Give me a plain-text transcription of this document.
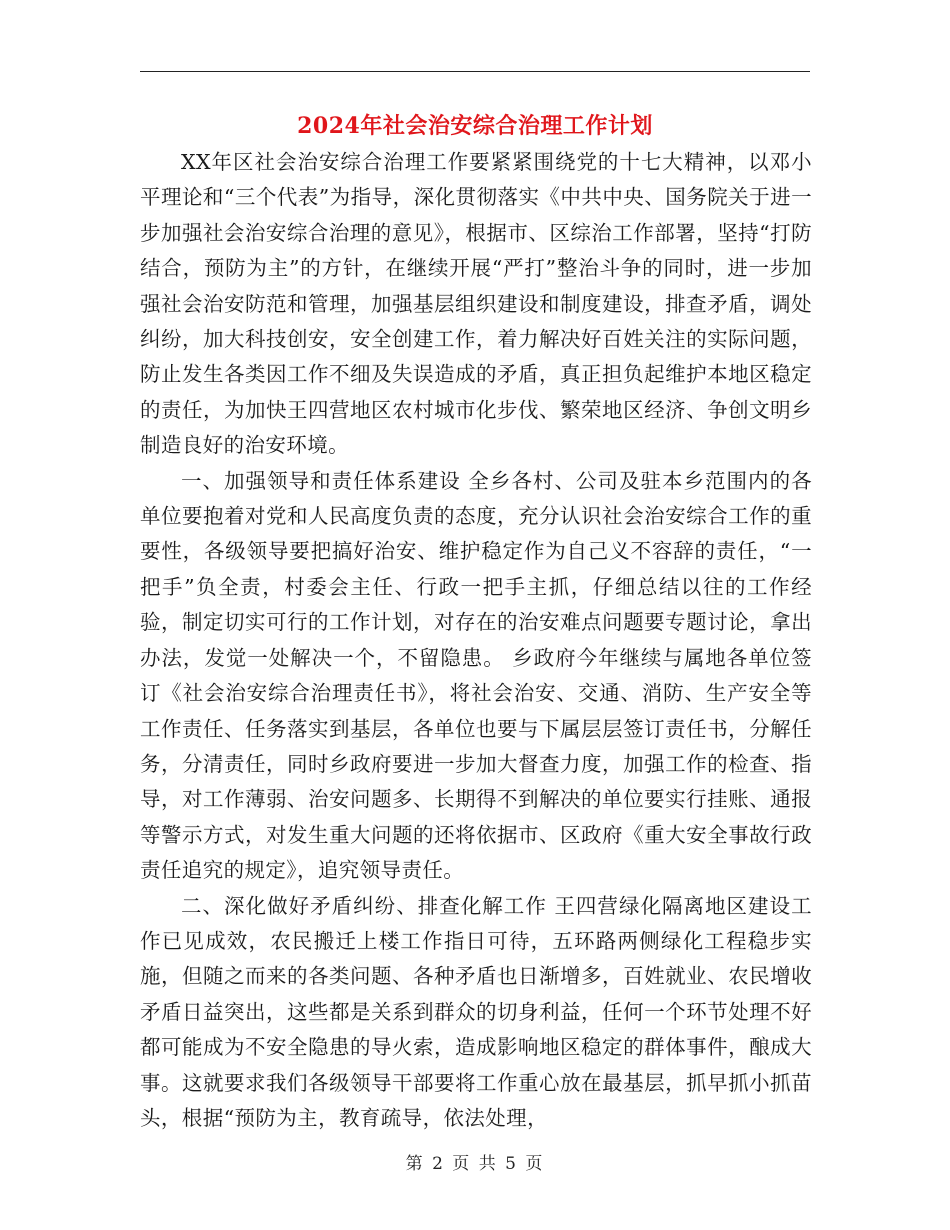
2024年社会治安综合治理工作计划

XX年区社会治安综合治理工作要紧紧围绕党的十七大精神，以邓小平理论和“三个代表”为指导，深化贯彻落实《中共中央、国务院关于进一步加强社会治安综合治理的意见》，根据市、区综治工作部署，坚持“打防结合，预防为主”的方针，在继续开展“严打”整治斗争的同时，进一步加强社会治安防范和管理，加强基层组织建设和制度建设，排查矛盾，调处纠纷，加大科技创安，安全创建工作，着力解决好百姓关注的实际问题，防止发生各类因工作不细及失误造成的矛盾，真正担负起维护本地区稳定的责任，为加快王四营地区农村城市化步伐、繁荣地区经济、争创文明乡制造良好的治安环境。

一、加强领导和责任体系建设 全乡各村、公司及驻本乡范围内的各单位要抱着对党和人民高度负责的态度，充分认识社会治安综合工作的重要性，各级领导要把搞好治安、维护稳定作为自己义不容辞的责任，“一把手”负全责，村委会主任、行政一把手主抓，仔细总结以往的工作经验，制定切实可行的工作计划，对存在的治安难点问题要专题讨论，拿出办法，发觉一处解决一个，不留隐患。 乡政府今年继续与属地各单位签订《社会治安综合治理责任书》，将社会治安、交通、消防、生产安全等工作责任、任务落实到基层，各单位也要与下属层层签订责任书，分解任务，分清责任，同时乡政府要进一步加大督查力度，加强工作的检查、指导，对工作薄弱、治安问题多、长期得不到解决的单位要实行挂账、通报等警示方式，对发生重大问题的还将依据市、区政府《重大安全事故行政责任追究的规定》，追究领导责任。

二、深化做好矛盾纠纷、排查化解工作 王四营绿化隔离地区建设工作已见成效，农民搬迁上楼工作指日可待，五环路两侧绿化工程稳步实施，但随之而来的各类问题、各种矛盾也日渐增多，百姓就业、农民增收矛盾日益突出，这些都是关系到群众的切身利益，任何一个环节处理不好都可能成为不安全隐患的导火索，造成影响地区稳定的群体事件，酿成大事。这就要求我们各级领导干部要将工作重心放在最基层，抓早抓小抓苗头，根据“预防为主，教育疏导，依法处理，

第 2 页 共 5 页
